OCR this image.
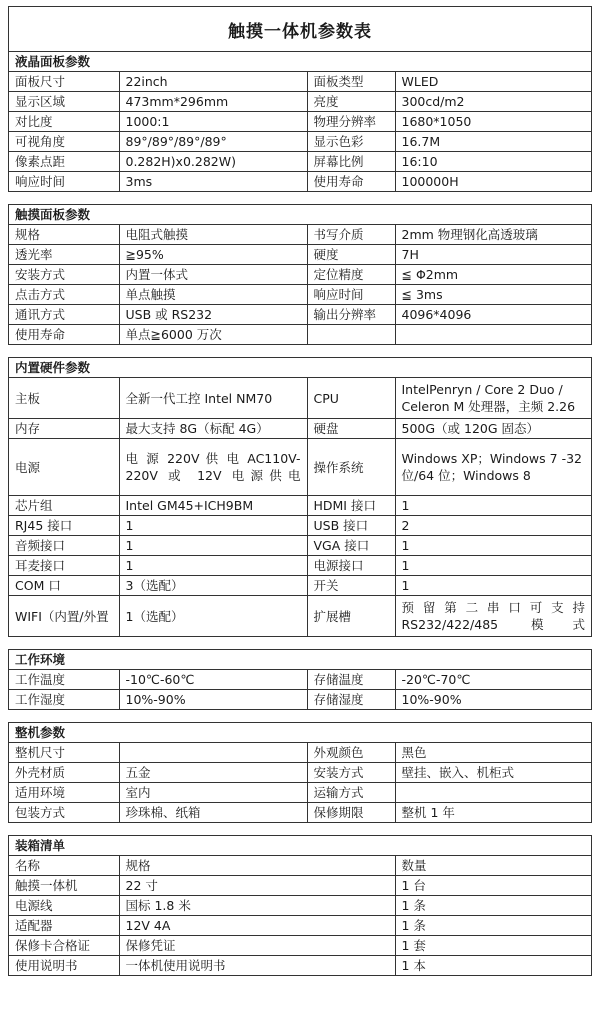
触摸一体机参数表
液晶面板参数
面板尺寸	22inch	面板类型	WLED
显示区域	473mm*296mm	亮度	300cd/m2
对比度	1000:1	物理分辨率	1680*1050
可视角度	89°/89°/89°/89°	显示色彩	16.7M
像素点距	0.282H)x0.282W)	屏幕比例	16:10
响应时间	3ms	使用寿命	100000H
触摸面板参数
规格	电阻式触摸	书写介质	2mm 物理钢化高透玻璃
透光率	≧95%	硬度	7H
安装方式	内置一体式	定位精度	≦ Φ2mm
点击方式	单点触摸	响应时间	≦ 3ms
通讯方式	USB 或 RS232	输出分辨率	4096*4096
使用寿命	单点≧6000 万次		
内置硬件参数
主板	全新一代工控 Intel NM70	CPU	IntelPenryn / Core 2 Duo / Celeron M 处理器，主频 2.26
内存	最大支持 8G（标配 4G）	硬盘	500G（或 120G 固态）
电源	电 源 220V 供 电 AC110V-220V 或 12V 电源供电	操作系统	Windows XP；Windows 7 -32 位/64 位；Windows 8
芯片组	Intel GM45+ICH9BM	HDMI 接口	1
RJ45 接口	1	USB 接口	2
音频接口	1	VGA 接口	1
耳麦接口	1	电源接口	1
COM 口	3（选配）	开关	1
WIFI（内置/外置	1（选配）	扩展槽	预留第二串口可支持 RS232/422/485 模式
工作环境
工作温度	-10℃-60℃	存储温度	-20℃-70℃
工作湿度	10%-90%	存储湿度	10%-90%
整机参数
整机尺寸		外观颜色	黑色
外壳材质	五金	安装方式	壁挂、嵌入、机柜式
适用环境	室内	运输方式	
包装方式	珍珠棉、纸箱	保修期限	整机 1 年
装箱清单
名称	规格	数量
触摸一体机	22 寸	1 台
电源线	国标 1.8 米	1 条
适配器	12V 4A	1 条
保修卡合格证	保修凭证	1 套
使用说明书	一体机使用说明书	1 本
